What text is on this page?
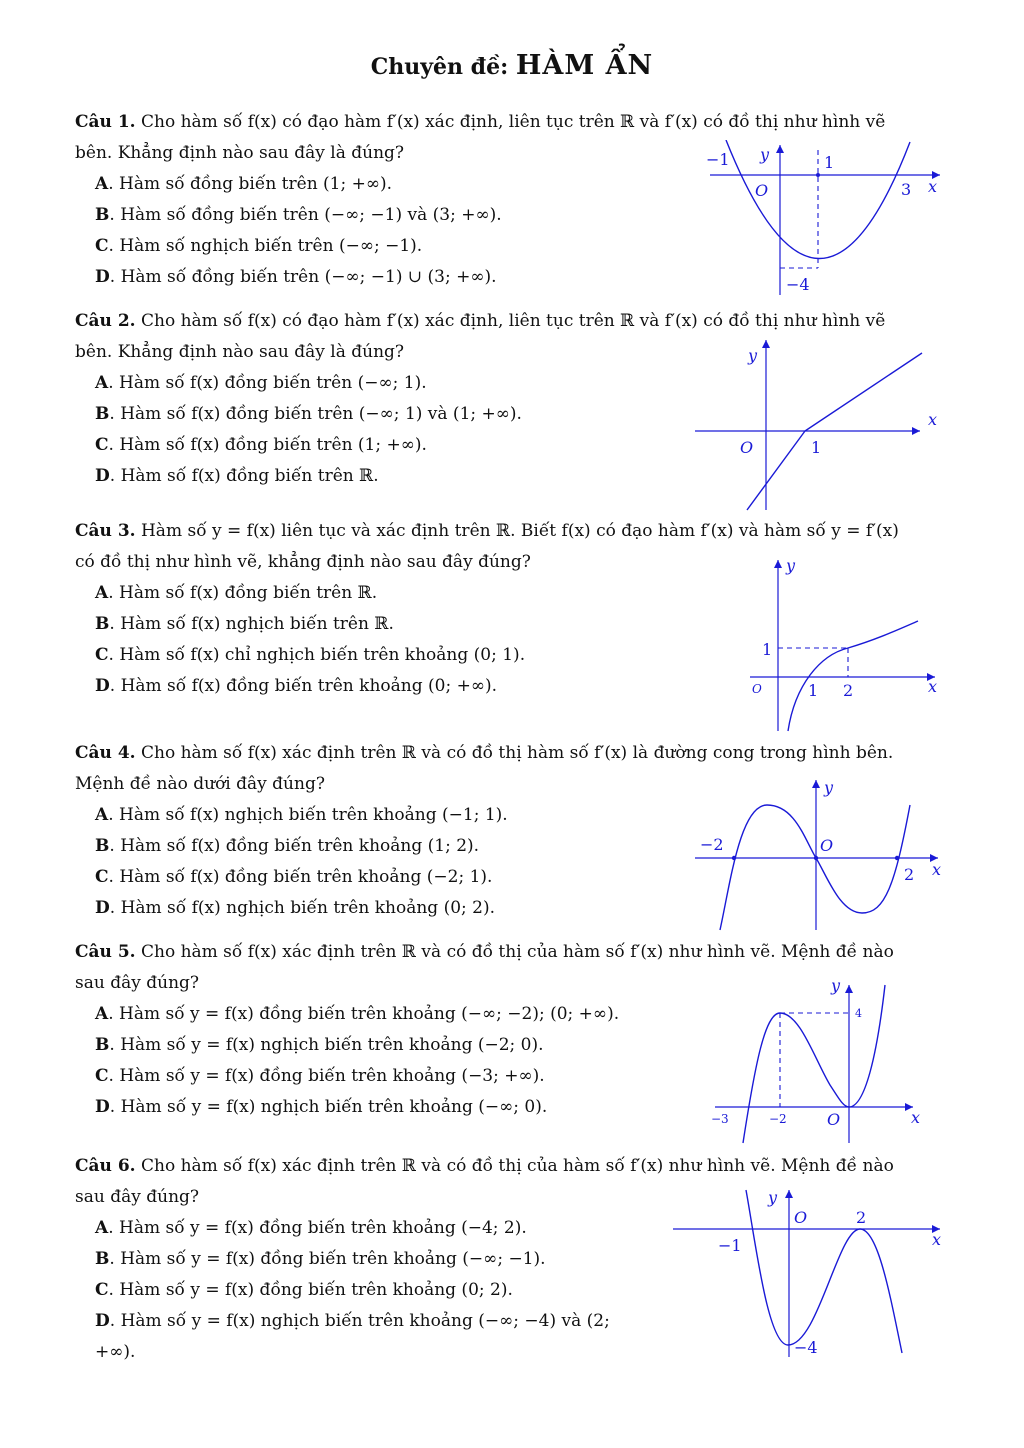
Chuyên đề: HÀM ẨN
Câu 1. Cho hàm số f(x) có đạo hàm f′(x) xác định, liên tục trên ℝ và f′(x) có đồ thị như hình vẽ bên. Khẳng định nào sau đây là đúng?
A. Hàm số đồng biến trên (1; +∞).
B. Hàm số đồng biến trên (−∞; −1) và (3; +∞).
C. Hàm số nghịch biến trên (−∞; −1).
D. Hàm số đồng biến trên (−∞; −1) ∪ (3; +∞).
−1 y	1
O	3 x
−4
Câu 2. Cho hàm số f(x) có đạo hàm f′(x) xác định, liên tục trên ℝ và f′(x) có đồ thị như hình vẽ bên. Khẳng định nào sau đây là đúng?
A. Hàm số f(x) đồng biến trên (−∞; 1).
B. Hàm số f(x) đồng biến trên (−∞; 1) và (1; +∞).
C. Hàm số f(x) đồng biến trên (1; +∞).
D. Hàm số f(x) đồng biến trên ℝ.
y
x
O	1
Câu 3. Hàm số y = f(x) liên tục và xác định trên ℝ. Biết f(x) có đạo hàm f′(x) và hàm số y = f′(x) có đồ thị như hình vẽ, khẳng định nào sau đây đúng?
A. Hàm số f(x) đồng biến trên ℝ.
B. Hàm số f(x) nghịch biến trên ℝ.
C. Hàm số f(x) chỉ nghịch biến trên khoảng (0; 1).
D. Hàm số f(x) đồng biến trên khoảng (0; +∞).
y
1
O	1 2	x
Câu 4. Cho hàm số f(x) xác định trên ℝ và có đồ thị hàm số f′(x) là đường cong trong hình bên. Mệnh đề nào dưới đây đúng?
A. Hàm số f(x) nghịch biến trên khoảng (−1; 1).
B. Hàm số f(x) đồng biến trên khoảng (1; 2).
C. Hàm số f(x) đồng biến trên khoảng (−2; 1).
D. Hàm số f(x) nghịch biến trên khoảng (0; 2).
y
−2	O
2 x
Câu 5. Cho hàm số f(x) xác định trên ℝ và có đồ thị của hàm số f′(x) như hình vẽ. Mệnh đề nào sau đây đúng?
A. Hàm số y = f(x) đồng biến trên khoảng (−∞; −2); (0; +∞).
B. Hàm số y = f(x) nghịch biến trên khoảng (−2; 0).
C. Hàm số y = f(x) đồng biến trên khoảng (−3; +∞).
D. Hàm số y = f(x) nghịch biến trên khoảng (−∞; 0).
y
4
−3	−2	O	x
Câu 6. Cho hàm số f(x) xác định trên ℝ và có đồ thị của hàm số f′(x) như hình vẽ. Mệnh đề nào sau đây đúng?
A. Hàm số y = f(x) đồng biến trên khoảng (−4; 2).
B. Hàm số y = f(x) đồng biến trên khoảng (−∞; −1).
C. Hàm số y = f(x) đồng biến trên khoảng (0; 2).
D. Hàm số y = f(x) nghịch biến trên khoảng (−∞; −4) và (2; +∞).
y
O	2
−1	x
−4
